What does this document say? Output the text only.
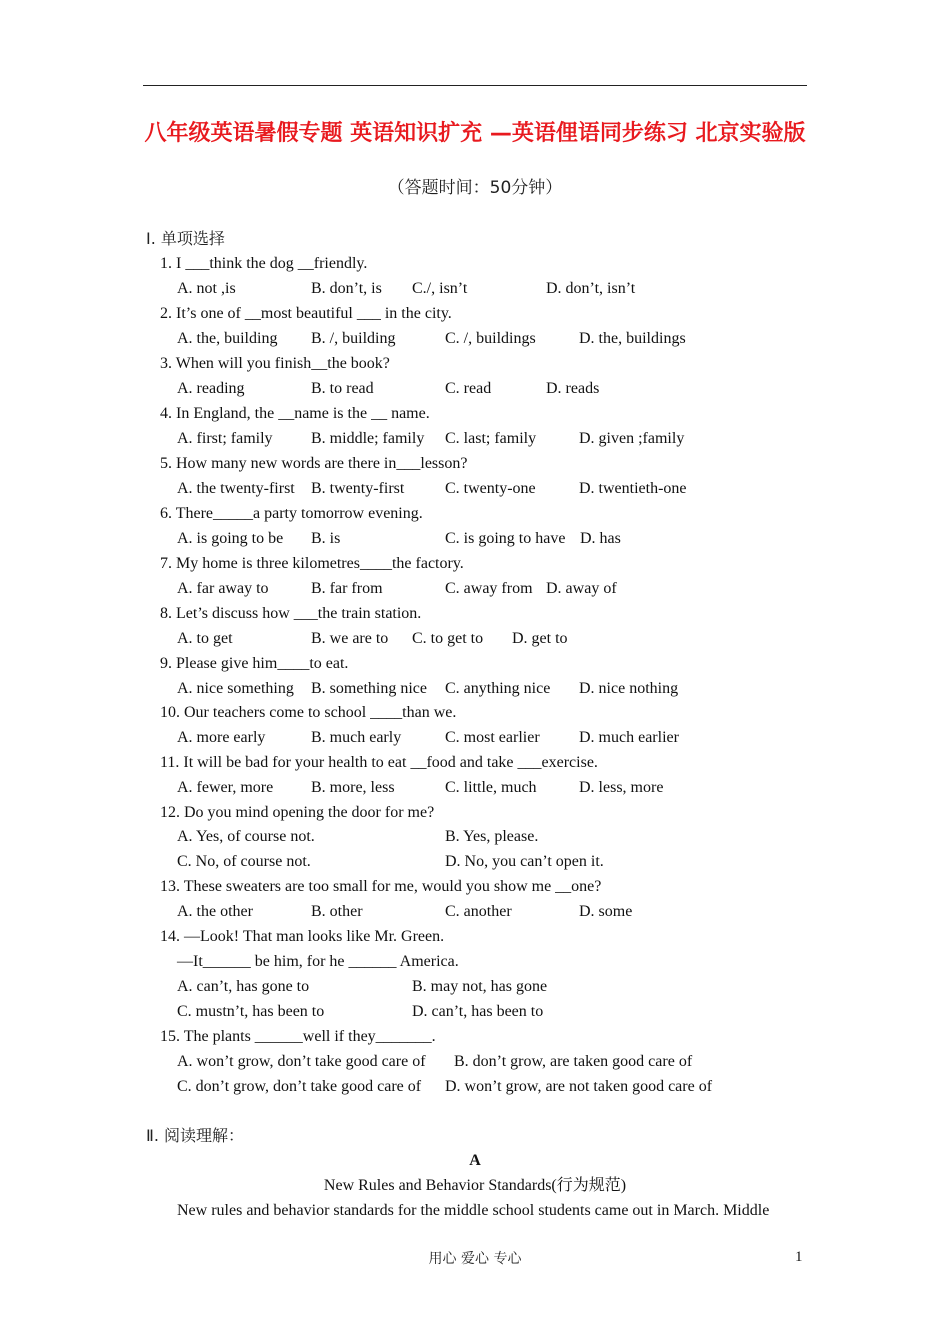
八年级英语暑假专题 英语知识扩充 —英语俚语同步练习 北京实验版
（答题时间：50分钟）
Ⅰ. 单项选择
1. I ___think the dog __friendly.
A. not ,is	B. don’t, is C./, isn’t	D. don’t, isn’t
2. It’s one of __most beautiful ___ in the city.
A. the, building B. /, building	C. /, buildings	D. the, buildings
3. When will you finish__the book?
A. reading	B. to read	C. read	D. reads
4. In England, the __name is the __ name.
A. first; family B. middle; family C. last; family	D. given ;family
5. How many new words are there in___lesson?
A. the twenty-first B. twenty-first	C. twenty-one	D. twentieth-one
6. There_____a party tomorrow evening.
A. is going to be B. is	C. is going to have D. has
7. My home is three kilometres____the factory.
A. far away to	B. far from	C. away from D. away of
8. Let’s discuss how ___the train station.
A. to get	B. we are to C. to get to D. get to
9. Please give him____to eat.
A. nice something B. something nice C. anything nice D. nice nothing
10. Our teachers come to school ____than we.
A. more early	B. much early	C. most earlier D. much earlier
11. It will be bad for your health to eat __food and take ___exercise.
A. fewer, more B. more, less	C. little, much	D. less, more
12. Do you mind opening the door for me?
A. Yes, of course not.	B. Yes, please.
C. No, of course not.	D. No, you can’t open it.
13. These sweaters are too small for me, would you show me __one?
A. the other	B. other	C. another	D. some
14. —Look! That man looks like Mr. Green.
—It______ be him, for he ______ America.
A. can’t, has gone to	B. may not, has gone
C. mustn’t, has been to	D. can’t, has been to
15. The plants ______well if they_______.
A. won’t grow, don’t take good care of B. don’t grow, are taken good care of
C. don’t grow, don’t take good care of D. won’t grow, are not taken good care of
Ⅱ. 阅读理解：
A
New Rules and Behavior Standards(行为规范)
New rules and behavior standards for the middle school students came out in March. Middle
用心 爱心 专心	1
